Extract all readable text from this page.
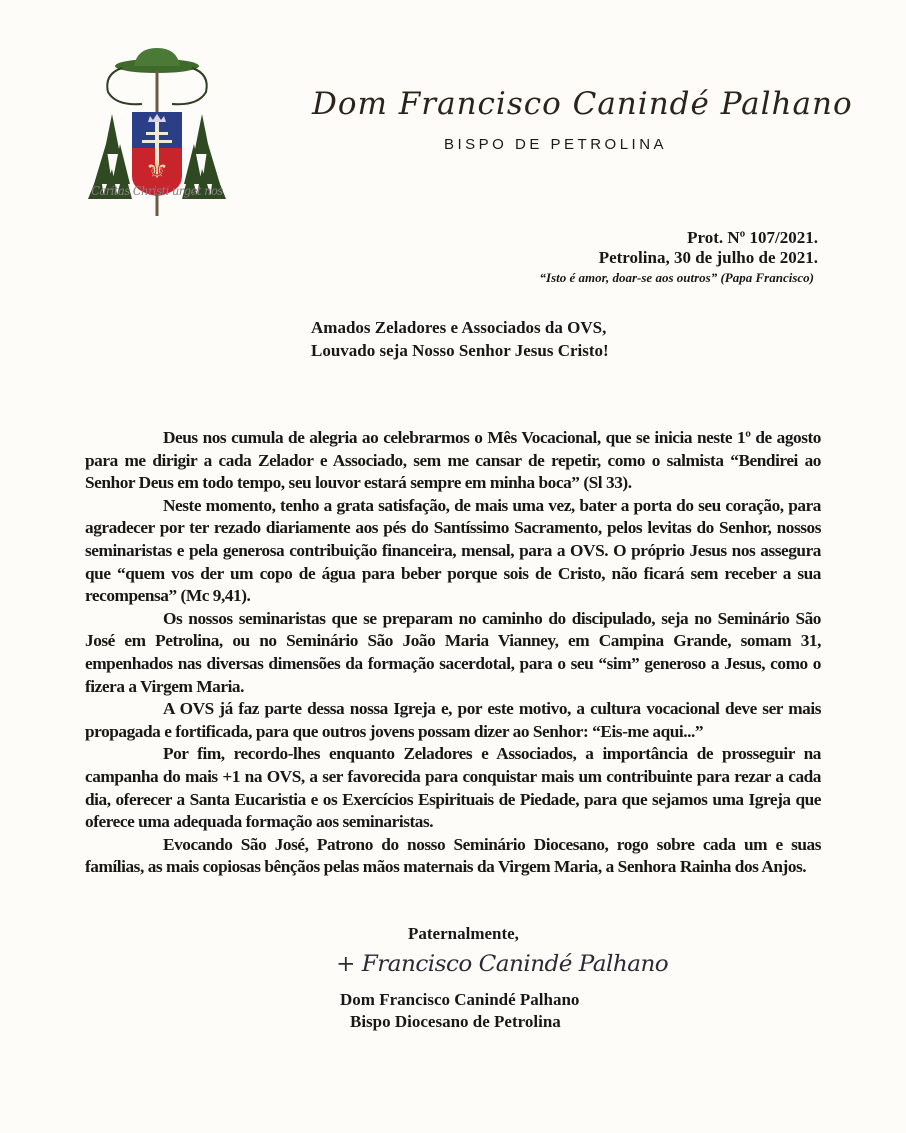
⚜
Caritas Christi urget nos
Dom Francisco Canindé Palhano
BISPO DE PETROLINA
Prot. Nº 107/2021.
Petrolina, 30 de julho de 2021.
“Isto é amor, doar-se aos outros” (Papa Francisco)
Amados Zeladores e Associados da OVS,
Louvado seja Nosso Senhor Jesus Cristo!

Deus nos cumula de alegria ao celebrarmos o Mês Vocacional, que se inicia neste 1º de agosto para me dirigir a cada Zelador e Associado, sem me cansar de repetir, como o salmista “Bendirei ao Senhor Deus em todo tempo, seu louvor estará sempre em minha boca” (Sl 33).

Neste momento, tenho a grata satisfação, de mais uma vez, bater a porta do seu coração, para agradecer por ter rezado diariamente aos pés do Santíssimo Sacramento, pelos levitas do Senhor, nossos seminaristas e pela generosa contribuição financeira, mensal, para a OVS. O próprio Jesus nos assegura que “quem vos der um copo de água para beber porque sois de Cristo, não ficará sem receber a sua recompensa” (Mc 9,41).

Os nossos seminaristas que se preparam no caminho do discipulado, seja no Seminário São José em Petrolina, ou no Seminário São João Maria Vianney, em Campina Grande, somam 31, empenhados nas diversas dimensões da formação sacerdotal, para o seu “sim” generoso a Jesus, como o fizera a Virgem Maria.

A OVS já faz parte dessa nossa Igreja e, por este motivo, a cultura vocacional deve ser mais propagada e fortificada, para que outros jovens possam dizer ao Senhor: “Eis-me aqui...”

Por fim, recordo-lhes enquanto Zeladores e Associados, a importância de prosseguir na campanha do mais +1 na OVS, a ser favorecida para conquistar mais um contribuinte para rezar a cada dia, oferecer a Santa Eucaristia e os Exercícios Espirituais de Piedade, para que sejamos uma Igreja que oferece uma adequada formação aos seminaristas.

Evocando São José, Patrono do nosso Seminário Diocesano, rogo sobre cada um e suas famílias, as mais copiosas bênçãos pelas mãos maternais da Virgem Maria, a Senhora Rainha dos Anjos.

Paternalmente,
+ Francisco Canindé Palhano
Dom Francisco Canindé Palhano
Bispo Diocesano de Petrolina
